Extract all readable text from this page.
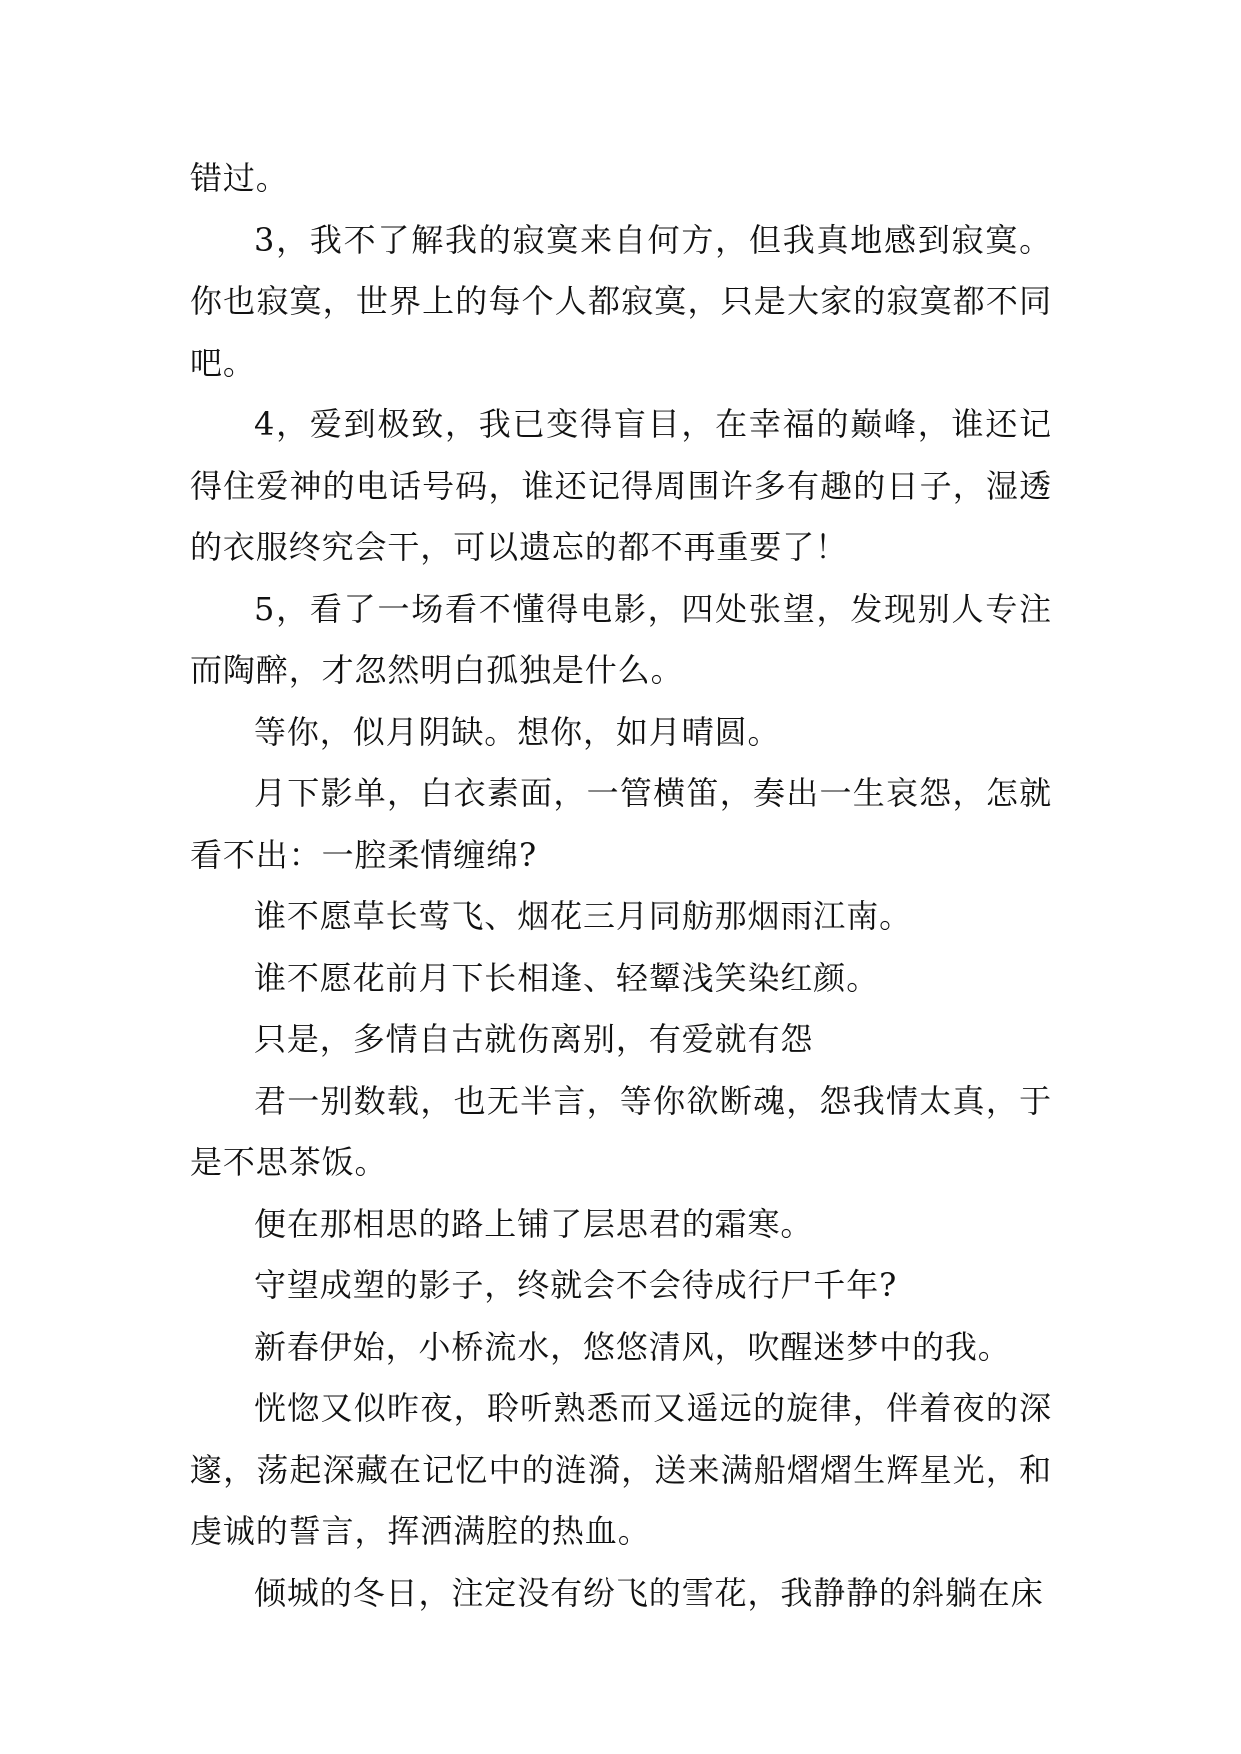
错过。

3，我不了解我的寂寞来自何方，但我真地感到寂寞。你也寂寞，世界上的每个人都寂寞，只是大家的寂寞都不同吧。

4，爱到极致，我已变得盲目，在幸福的巅峰，谁还记得住爱神的电话号码，谁还记得周围许多有趣的日子，湿透的衣服终究会干，可以遗忘的都不再重要了！

5，看了一场看不懂得电影，四处张望，发现别人专注而陶醉，才忽然明白孤独是什么。

等你，似月阴缺。想你，如月晴圆。

月下影单，白衣素面，一管横笛，奏出一生哀怨，怎就看不出：一腔柔情缠绵?

谁不愿草长莺飞、烟花三月同舫那烟雨江南。

谁不愿花前月下长相逢、轻颦浅笑染红颜。

只是，多情自古就伤离别，有爱就有怨

君一别数载，也无半言，等你欲断魂，怨我情太真，于是不思茶饭。

便在那相思的路上铺了层思君的霜寒。

守望成塑的影子，终就会不会待成行尸千年?

新春伊始，小桥流水，悠悠清风，吹醒迷梦中的我。

恍惚又似昨夜，聆听熟悉而又遥远的旋律，伴着夜的深邃，荡起深藏在记忆中的涟漪，送来满船熠熠生辉星光，和虔诚的誓言，挥洒满腔的热血。

倾城的冬日，注定没有纷飞的雪花，我静静的斜躺在床
